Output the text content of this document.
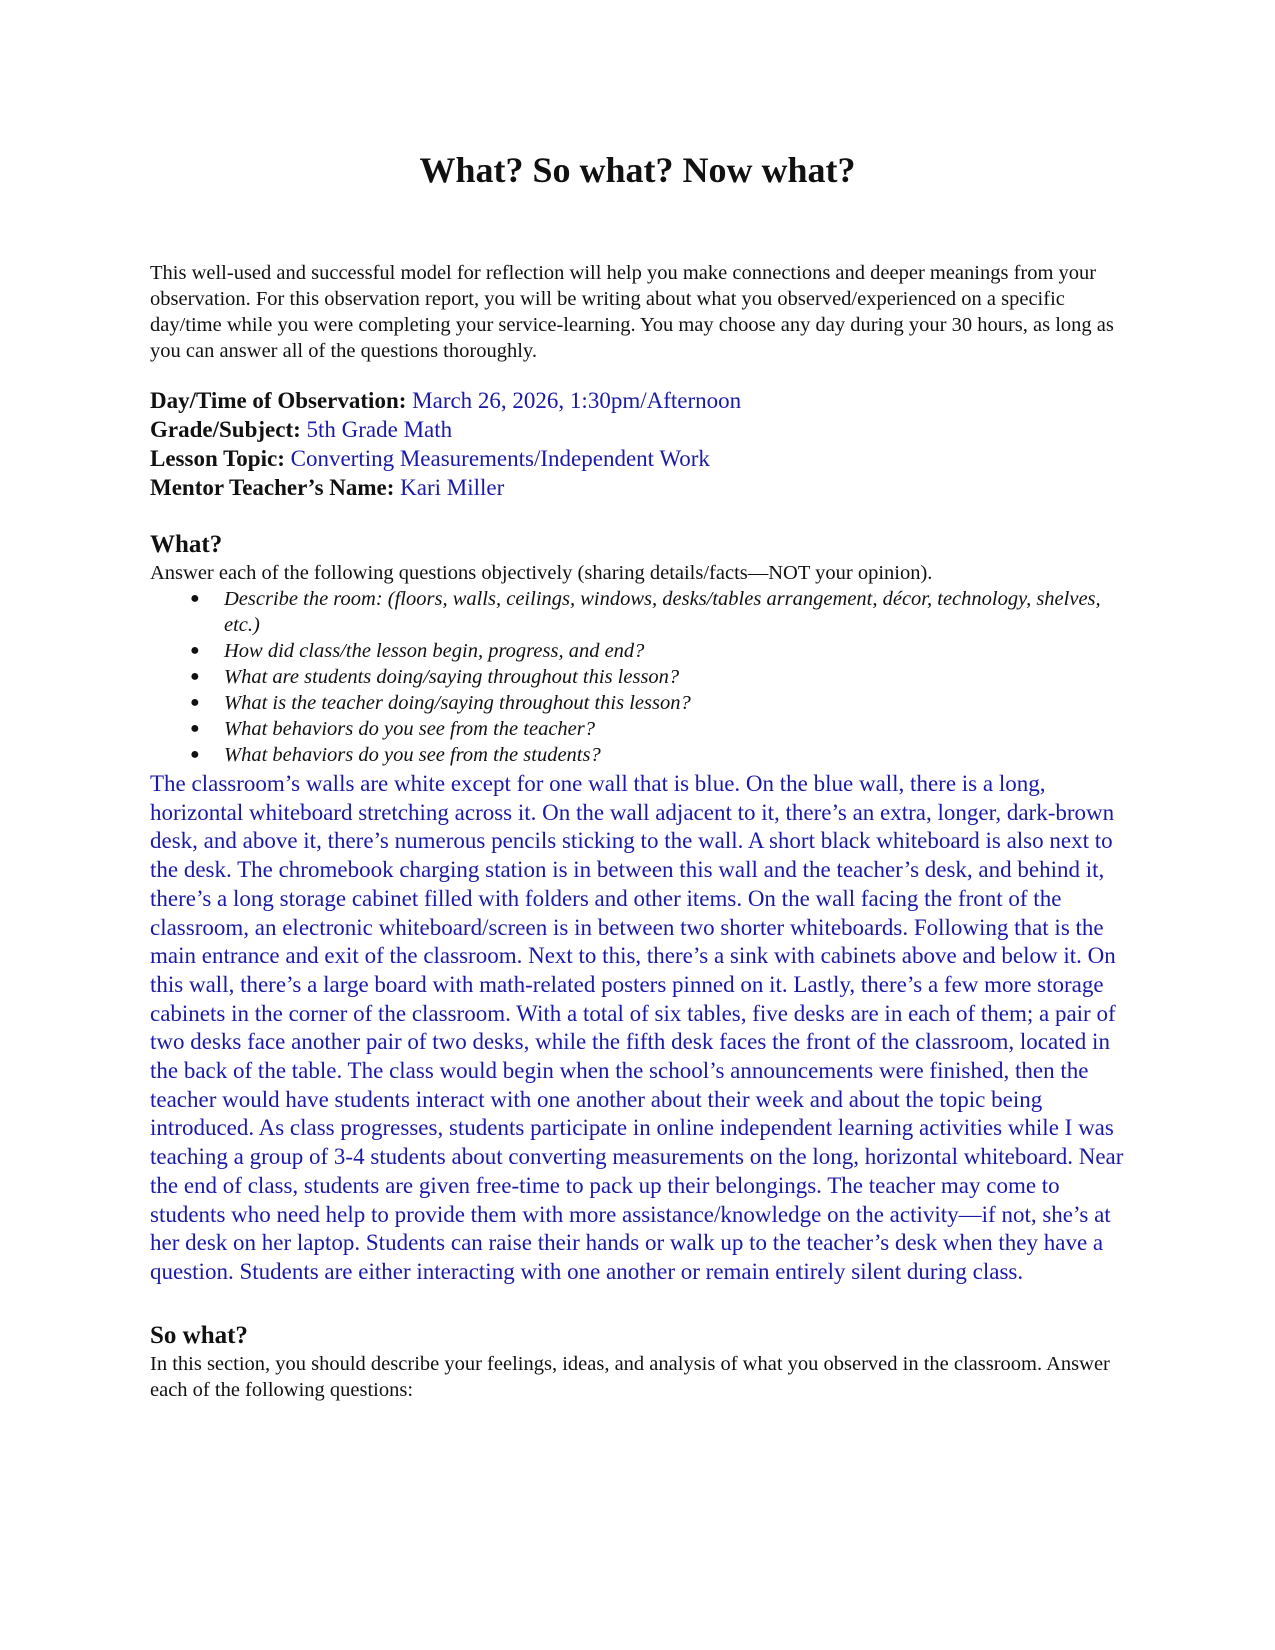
What? So what? Now what?

This well-used and successful model for reflection will help you make connections and deeper meanings from your observation. For this observation report, you will be writing about what you observed/experienced on a specific day/time while you were completing your service-learning. You may choose any day during your 30 hours, as long as you can answer all of the questions thoroughly.

Day/Time of Observation: March 26, 2026, 1:30pm/Afternoon
Grade/Subject: 5th Grade Math
Lesson Topic: Converting Measurements/Independent Work
Mentor Teacher’s Name: Kari Miller
What?

Answer each of the following questions objectively (sharing details/facts—NOT your opinion).

● Describe the room: (floors, walls, ceilings, windows, desks/tables arrangement, décor, technology, shelves, etc.)
● How did class/the lesson begin, progress, and end?
● What are students doing/saying throughout this lesson?
● What is the teacher doing/saying throughout this lesson?
● What behaviors do you see from the teacher?
● What behaviors do you see from the students?

The classroom’s walls are white except for one wall that is blue. On the blue wall, there is a long, horizontal whiteboard stretching across it. On the wall adjacent to it, there’s an extra, longer, dark-brown desk, and above it, there’s numerous pencils sticking to the wall. A short black whiteboard is also next to the desk. The chromebook charging station is in between this wall and the teacher’s desk, and behind it, there’s a long storage cabinet filled with folders and other items. On the wall facing the front of the classroom, an electronic whiteboard/screen is in between two shorter whiteboards. Following that is the main entrance and exit of the classroom. Next to this, there’s a sink with cabinets above and below it. On this wall, there’s a large board with math-related posters pinned on it. Lastly, there’s a few more storage cabinets in the corner of the classroom. With a total of six tables, five desks are in each of them; a pair of two desks face another pair of two desks, while the fifth desk faces the front of the classroom, located in the back of the table. The class would begin when the school’s announcements were finished, then the teacher would have students interact with one another about their week and about the topic being introduced. As class progresses, students participate in online independent learning activities while I was teaching a group of 3-4 students about converting measurements on the long, horizontal whiteboard. Near the end of class, students are given free-time to pack up their belongings. The teacher may come to students who need help to provide them with more assistance/knowledge on the activity—if not, she’s at her desk on her laptop. Students can raise their hands or walk up to the teacher’s desk when they have a question. Students are either interacting with one another or remain entirely silent during class.

So what?

In this section, you should describe your feelings, ideas, and analysis of what you observed in the classroom. Answer each of the following questions:
